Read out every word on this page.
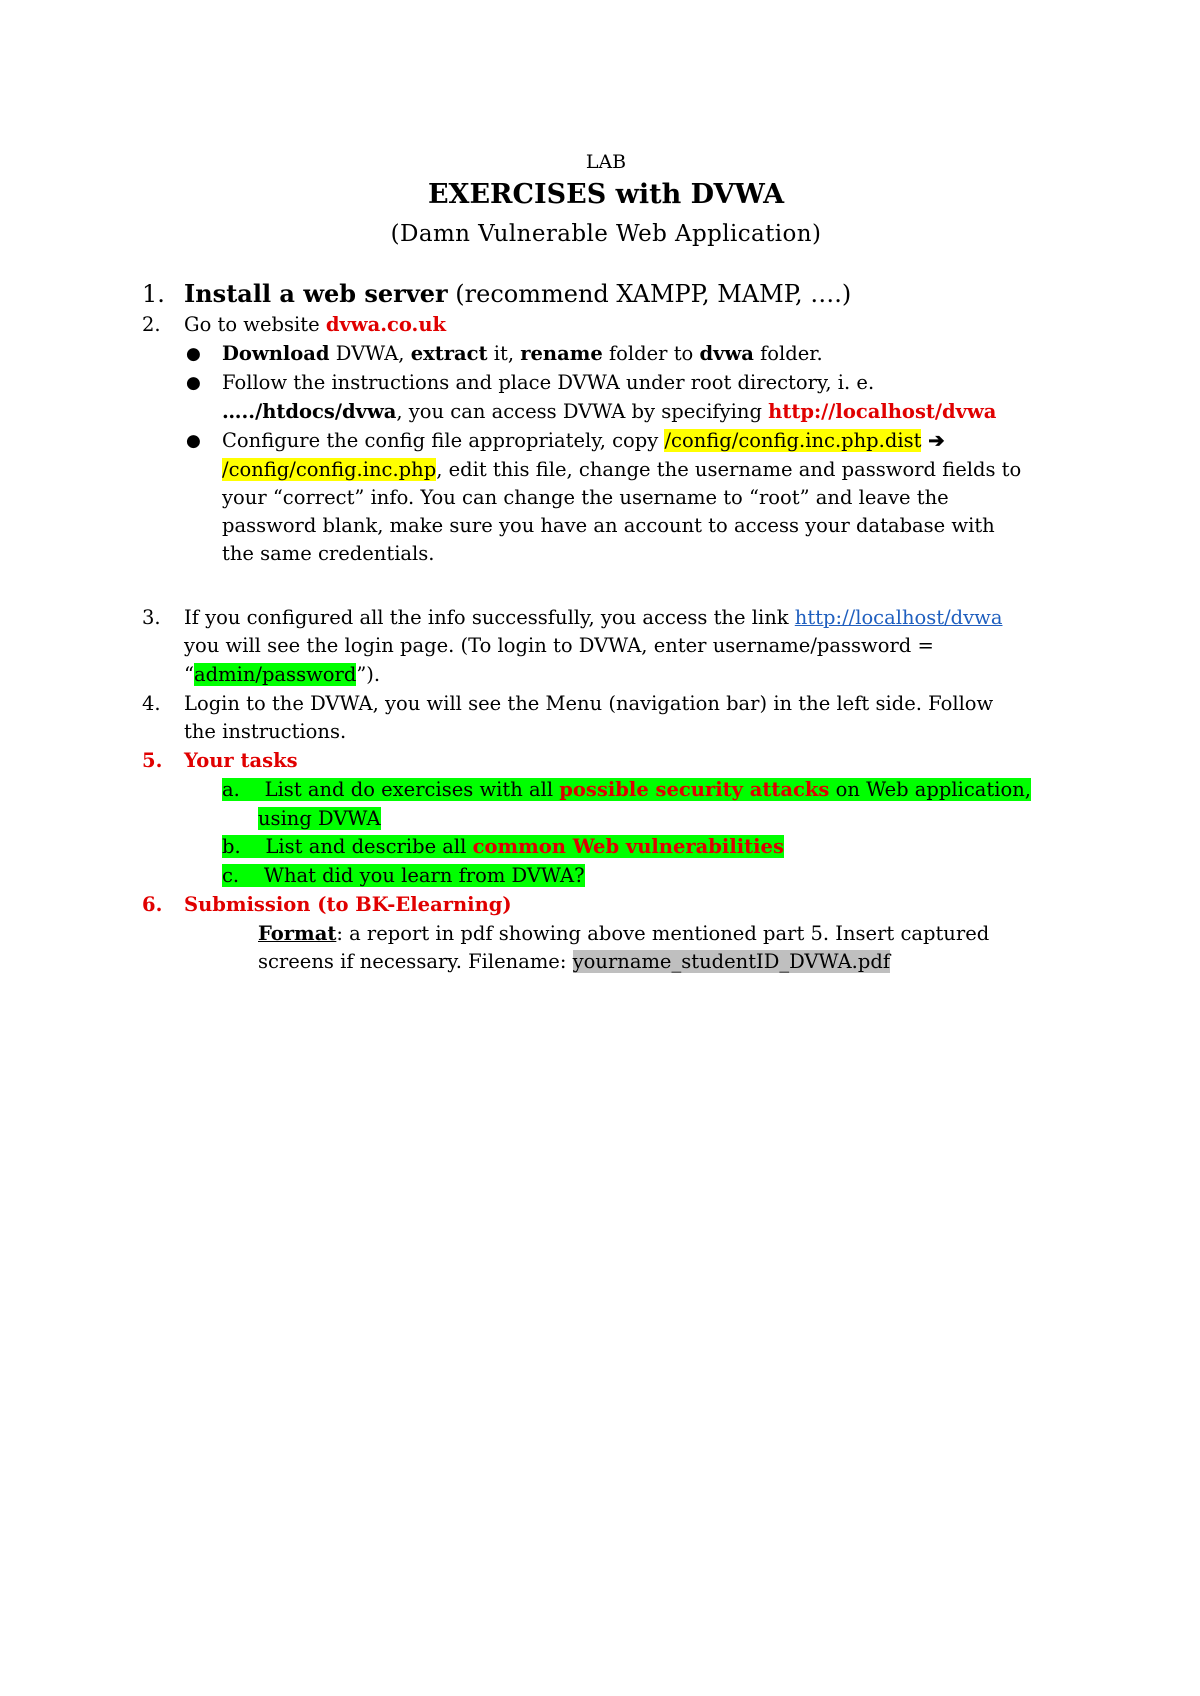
LAB
EXERCISES with DVWA
(Damn Vulnerable Web Application)
1. Install a web server (recommend XAMPP, MAMP, ….)
2.	Go to website dvwa.co.uk
● Download DVWA, extract it, rename folder to dvwa folder.
● Follow the instructions and place DVWA under root directory, i. e.
…../htdocs/dvwa, you can access DVWA by specifying http://localhost/dvwa
● Configure the config file appropriately, copy /config/config.inc.php.dist ➔
/config/config.inc.php, edit this file, change the username and password fields to
your “correct” info. You can change the username to “root” and leave the
password blank, make sure you have an account to access your database with
the same credentials.
3.	If you configured all the info successfully, you access the link http://localhost/dvwa
you will see the login page. (To login to DVWA, enter username/password =
“admin/password”).
4.	Login to the DVWA, you will see the Menu (navigation bar) in the left side. Follow
the instructions.
5.	Your tasks
a. List and do exercises with all possible security attacks on Web application,
using DVWA
b. List and describe all common Web vulnerabilities
c. What did you learn from DVWA?
6.	Submission (to BK-Elearning)
Format: a report in pdf showing above mentioned part 5. Insert captured
screens if necessary. Filename: yourname_studentID_DVWA.pdf
